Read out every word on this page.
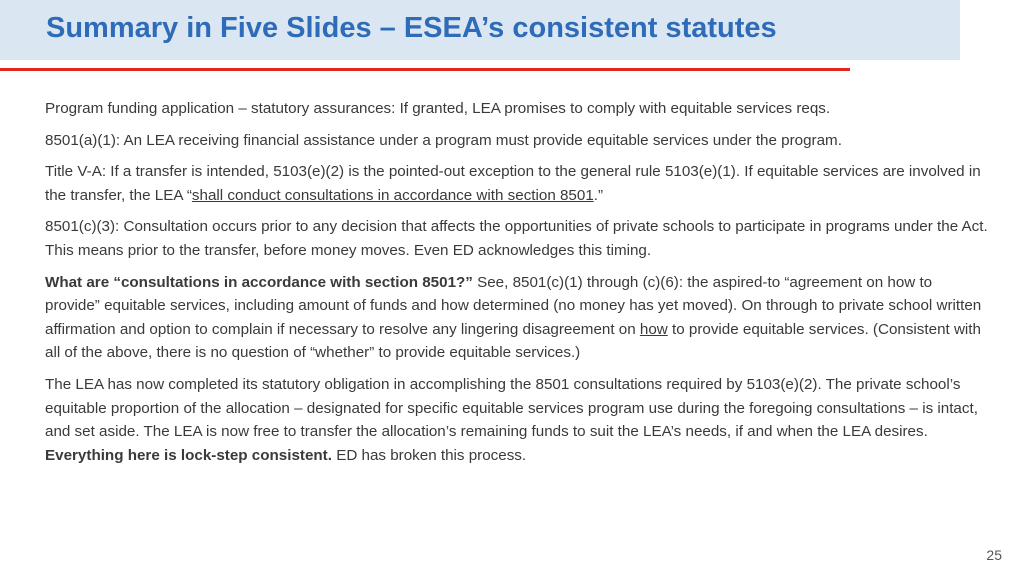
Summary in Five Slides – ESEA’s consistent statutes

Program funding application – statutory assurances: If granted, LEA promises to comply with equitable services reqs.

8501(a)(1): An LEA receiving financial assistance under a program must provide equitable services under the program.

Title V-A: If a transfer is intended, 5103(e)(2) is the pointed-out exception to the general rule 5103(e)(1). If equitable services are involved in the transfer, the LEA “shall conduct consultations in accordance with section 8501.”

8501(c)(3): Consultation occurs prior to any decision that affects the opportunities of private schools to participate in programs under the Act. This means prior to the transfer, before money moves. Even ED acknowledges this timing.

What are “consultations in accordance with section 8501?” See, 8501(c)(1) through (c)(6): the aspired-to “agreement on how to provide” equitable services, including amount of funds and how determined (no money has yet moved). On through to private school written affirmation and option to complain if necessary to resolve any lingering disagreement on how to provide equitable services. (Consistent with all of the above, there is no question of “whether” to provide equitable services.)

The LEA has now completed its statutory obligation in accomplishing the 8501 consultations required by 5103(e)(2). The private school’s equitable proportion of the allocation – designated for specific equitable services program use during the foregoing consultations – is intact, and set aside. The LEA is now free to transfer the allocation’s remaining funds to suit the LEA’s needs, if and when the LEA desires. Everything here is lock-step consistent. ED has broken this process.

25
